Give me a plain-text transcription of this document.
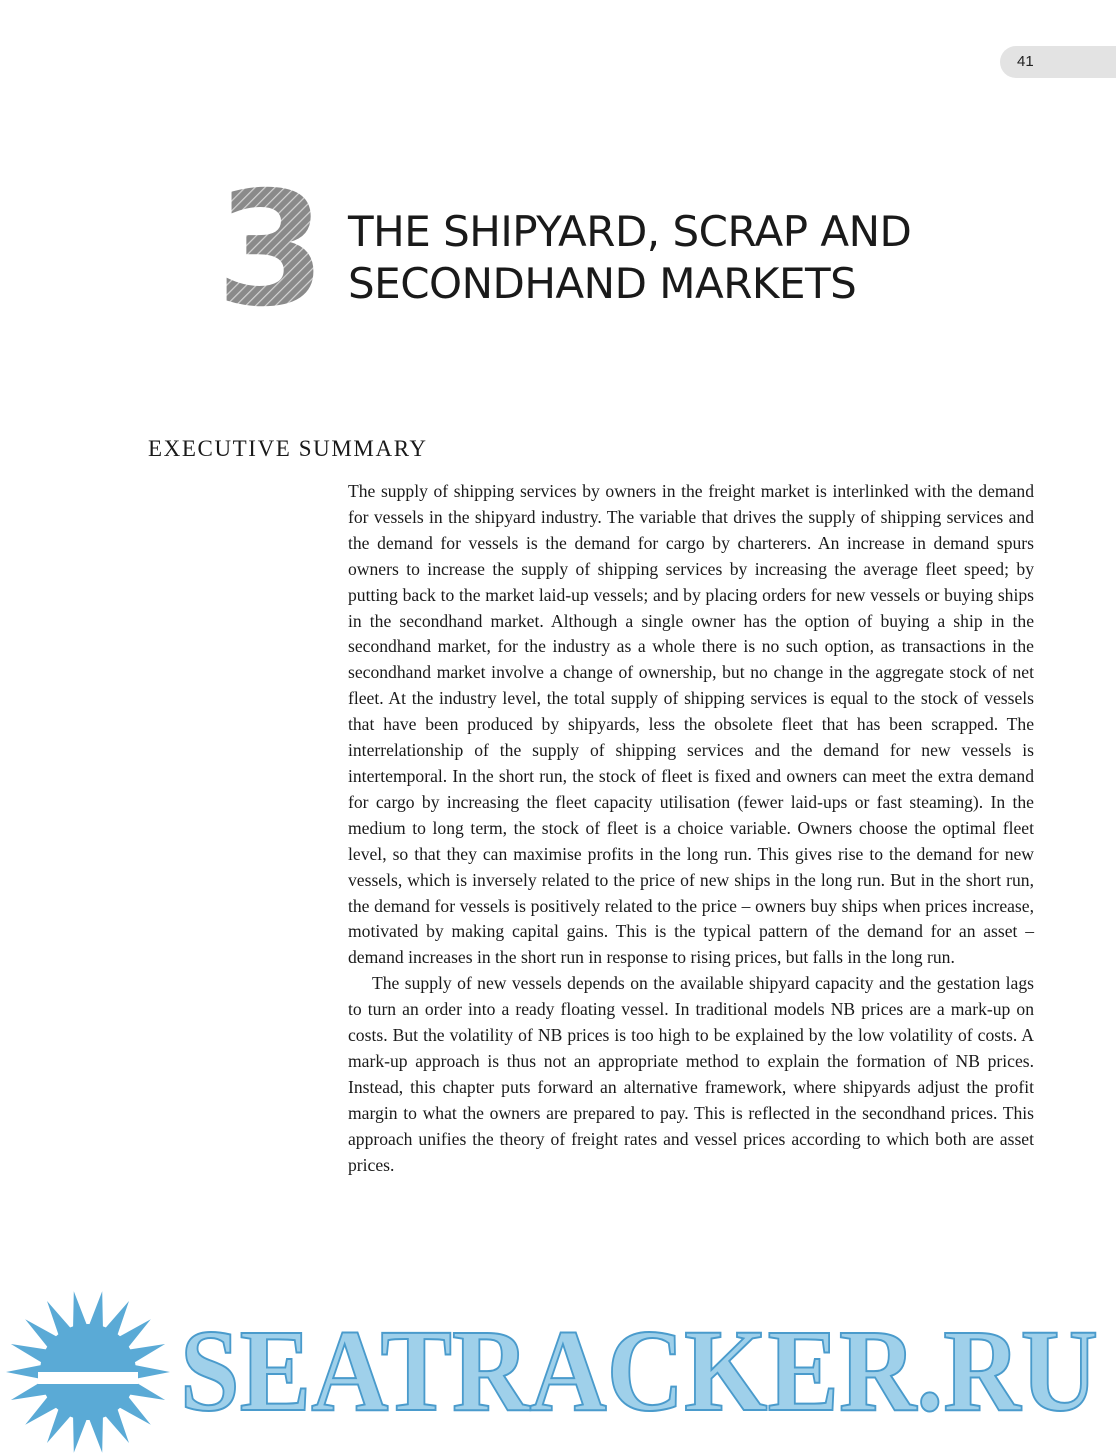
41
3 THE SHIPYARD, SCRAP AND
SECONDHAND MARKETS
EXECUTIVE SUMMARY

The supply of shipping services by owners in the freight market is interlinked with the demand for vessels in the shipyard industry. The variable that drives the supply of shipping services and the demand for vessels is the demand for cargo by charterers. An increase in demand spurs owners to increase the supply of shipping services by increasing the average fleet speed; by putting back to the market laid-up vessels; and by placing orders for new vessels or buying ships in the secondhand market. Although a single owner has the option of buying a ship in the secondhand market, for the industry as a whole there is no such option, as transactions in the secondhand market involve a change of ownership, but no change in the aggregate stock of net fleet. At the industry level, the total supply of shipping services is equal to the stock of vessels that have been produced by shipyards, less the obsolete fleet that has been scrapped. The interrelationship of the supply of shipping services and the demand for new vessels is intertemporal. In the short run, the stock of fleet is fixed and owners can meet the extra demand for cargo by increasing the fleet capacity utilisation (fewer laid-ups or fast steaming). In the medium to long term, the stock of fleet is a choice variable. Owners choose the optimal fleet level, so that they can maximise profits in the long run. This gives rise to the demand for new vessels, which is inversely related to the price of new ships in the long run. But in the short run, the demand for vessels is positively related to the price – owners buy ships when prices increase, motivated by making capital gains. This is the typical pattern of the demand for an asset – demand increases in the short run in response to rising prices, but falls in the long run.

The supply of new vessels depends on the available shipyard capacity and the gestation lags to turn an order into a ready floating vessel. In traditional models NB prices are a mark-up on costs. But the volatility of NB prices is too high to be explained by the low volatility of costs. A mark-up approach is thus not an appropriate method to explain the formation of NB prices. Instead, this chapter puts forward an alternative framework, where shipyards adjust the profit margin to what the owners are prepared to pay. This is reflected in the secondhand prices. This approach unifies the theory of freight rates and vessel prices according to which both are asset prices.

SEATRACKER.RU
